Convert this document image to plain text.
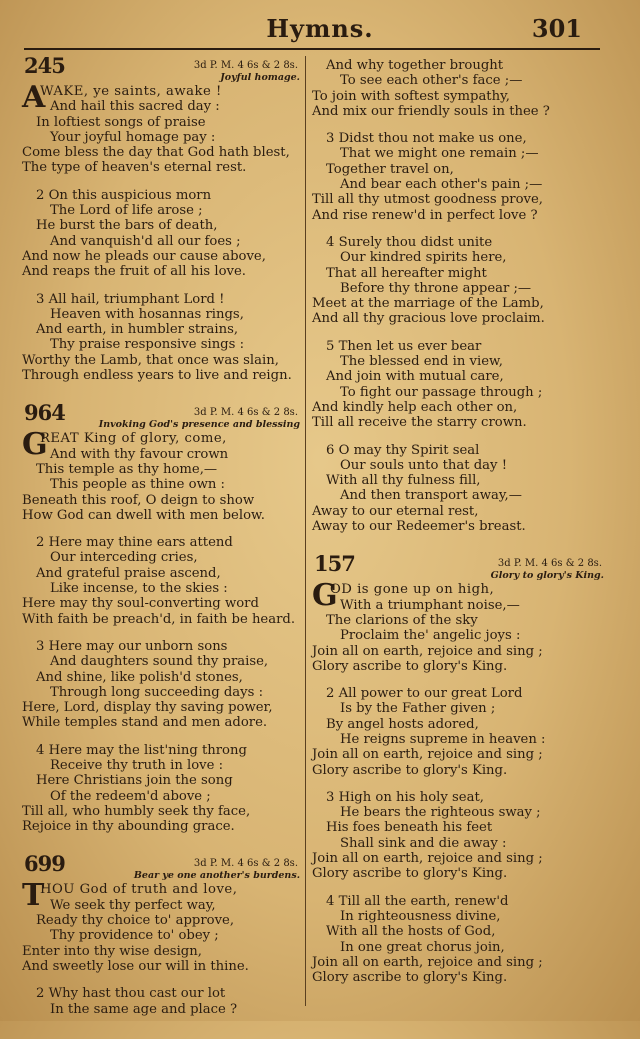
Hymns.	301
245	3d P. M. 4 6s & 2 8s.
Joyful homage.
A
WAKE, ye saints, awake !
And hail this sacred day :
In loftiest songs of praise
Your joyful homage pay :
Come bless the day that God hath blest,
The type of heaven's eternal rest.
2 On this auspicious morn
The Lord of life arose ;
He burst the bars of death,
And vanquish'd all our foes ;
And now he pleads our cause above,
And reaps the fruit of all his love.
3 All hail, triumphant Lord !
Heaven with hosannas rings,
And earth, in humbler strains,
Thy praise responsive sings :
Worthy the Lamb, that once was slain,
Through endless years to live and reign.
964	3d P. M. 4 6s & 2 8s.
Invoking God's presence and blessing
G
REAT King of glory, come,
And with thy favour crown
This temple as thy home,—
This people as thine own :
Beneath this roof, O deign to show
How God can dwell with men below.
2 Here may thine ears attend
Our interceding cries,
And grateful praise ascend,
Like incense, to the skies :
Here may thy soul-converting word
With faith be preach'd, in faith be heard.
3 Here may our unborn sons
And daughters sound thy praise,
And shine, like polish'd stones,
Through long succeeding days :
Here, Lord, display thy saving power,
While temples stand and men adore.
4 Here may the list'ning throng
Receive thy truth in love :
Here Christians join the song
Of the redeem'd above ;
Till all, who humbly seek thy face,
Rejoice in thy abounding grace.
699	3d P. M. 4 6s & 2 8s.
Bear ye one another's burdens.
T
HOU God of truth and love,
We seek thy perfect way,
Ready thy choice to' approve,
Thy providence to' obey ;
Enter into thy wise design,
And sweetly lose our will in thine.
2 Why hast thou cast our lot
In the same age and place ?
And why together brought
To see each other's face ;—
To join with softest sympathy,
And mix our friendly souls in thee ?
3 Didst thou not make us one,
That we might one remain ;—
Together travel on,
And bear each other's pain ;—
Till all thy utmost goodness prove,
And rise renew'd in perfect love ?
4 Surely thou didst unite
Our kindred spirits here,
That all hereafter might
Before thy throne appear ;—
Meet at the marriage of the Lamb,
And all thy gracious love proclaim.
5 Then let us ever bear
The blessed end in view,
And join with mutual care,
To fight our passage through ;
And kindly help each other on,
Till all receive the starry crown.
6 O may thy Spirit seal
Our souls unto that day !
With all thy fulness fill,
And then transport away,—
Away to our eternal rest,
Away to our Redeemer's breast.
157	3d P. M. 4 6s & 2 8s.
Glory to glory's King.
G
OD is gone up on high,
With a triumphant noise,—
The clarions of the sky
Proclaim the' angelic joys :
Join all on earth, rejoice and sing ;
Glory ascribe to glory's King.
2 All power to our great Lord
Is by the Father given ;
By angel hosts adored,
He reigns supreme in heaven :
Join all on earth, rejoice and sing ;
Glory ascribe to glory's King.
3 High on his holy seat,
He bears the righteous sway ;
His foes beneath his feet
Shall sink and die away :
Join all on earth, rejoice and sing ;
Glory ascribe to glory's King.
4 Till all the earth, renew'd
In righteousness divine,
With all the hosts of God,
In one great chorus join,
Join all on earth, rejoice and sing ;
Glory ascribe to glory's King.
